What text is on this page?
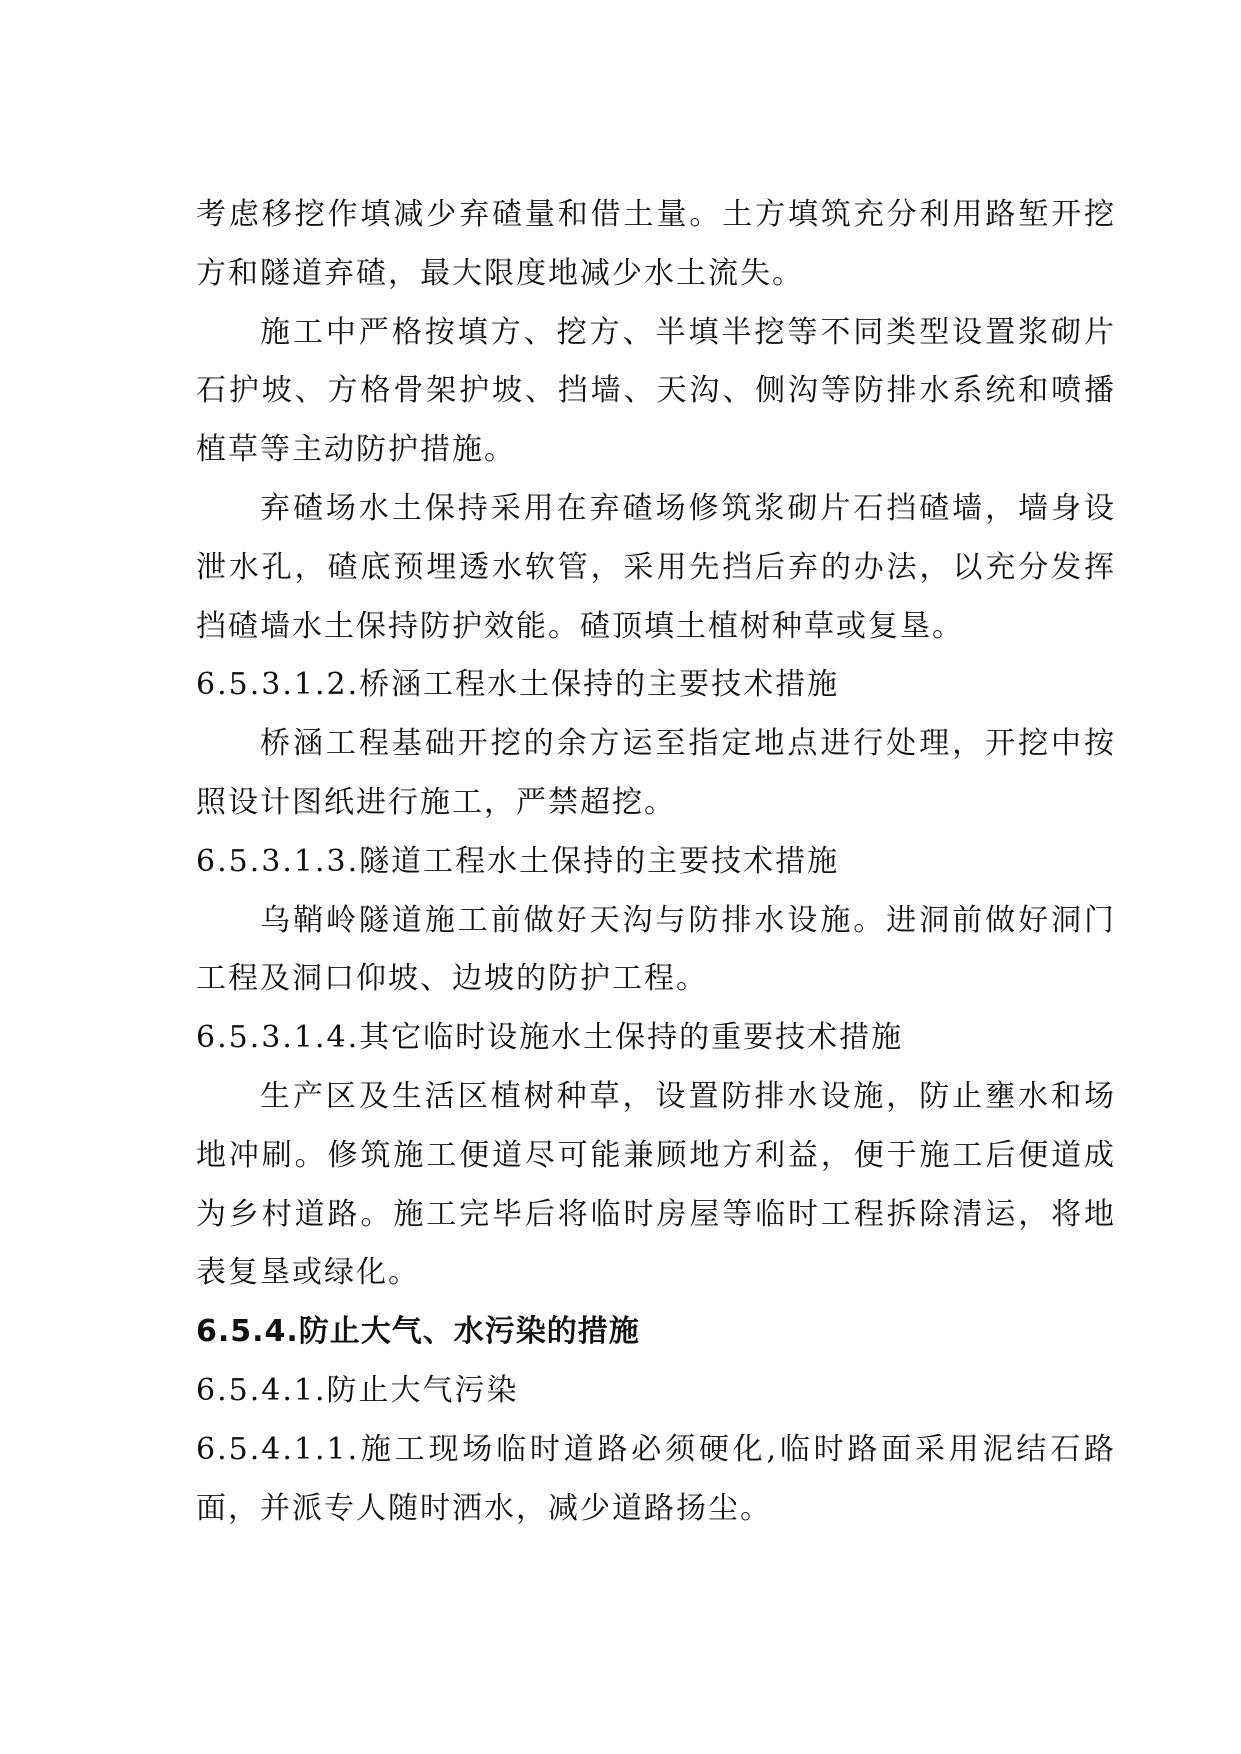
考虑移挖作填减少弃碴量和借土量。土方填筑充分利用路堑开挖方和隧道弃碴，最大限度地减少水土流失。

施工中严格按填方、挖方、半填半挖等不同类型设置浆砌片石护坡、方格骨架护坡、挡墙、天沟、侧沟等防排水系统和喷播植草等主动防护措施。

弃碴场水土保持采用在弃碴场修筑浆砌片石挡碴墙，墙身设泄水孔，碴底预埋透水软管，采用先挡后弃的办法，以充分发挥挡碴墙水土保持防护效能。碴顶填土植树种草或复垦。

6.5.3.1.2.桥涵工程水土保持的主要技术措施

桥涵工程基础开挖的余方运至指定地点进行处理，开挖中按照设计图纸进行施工，严禁超挖。

6.5.3.1.3.隧道工程水土保持的主要技术措施

乌鞘岭隧道施工前做好天沟与防排水设施。进洞前做好洞门工程及洞口仰坡、边坡的防护工程。

6.5.3.1.4.其它临时设施水土保持的重要技术措施

生产区及生活区植树种草，设置防排水设施，防止壅水和场地冲刷。修筑施工便道尽可能兼顾地方利益，便于施工后便道成为乡村道路。施工完毕后将临时房屋等临时工程拆除清运，将地表复垦或绿化。

6.5.4.防止大气、水污染的措施

6.5.4.1.防止大气污染

6.5.4.1.1.施工现场临时道路必须硬化,临时路面采用泥结石路面，并派专人随时洒水，减少道路扬尘。
